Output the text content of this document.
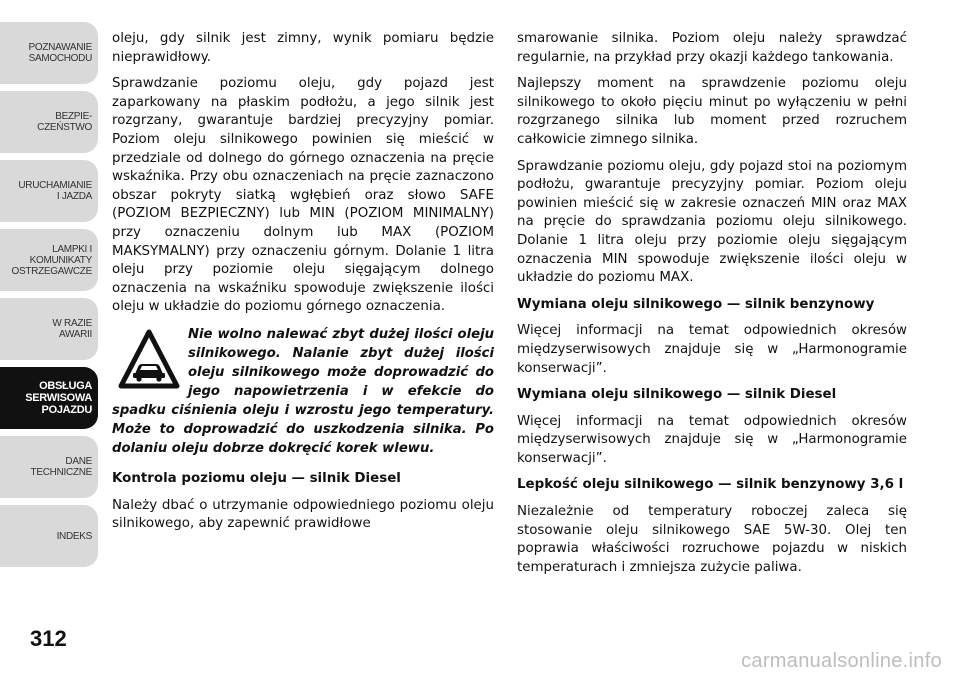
POZNAWANIE
SAMOCHODU
BEZPIE-
CZEŃSTWO
URUCHAMIANIE
I JAZDA
LAMPKI I
KOMUNIKATY
OSTRZEGAWCZE
W RAZIE
AWARII
OBSŁUGA
SERWISOWA
POJAZDU
DANE
TECHNICZNE
INDEKS
312

oleju, gdy silnik jest zimny, wynik pomiaru będzie nieprawidłowy.

Sprawdzanie poziomu oleju, gdy pojazd jest zaparkowany na płaskim podłożu, a jego silnik jest rozgrzany, gwarantuje bardziej precyzyjny pomiar. Poziom oleju silnikowego powinien się mieścić w przedziale od dolnego do górnego oznaczenia na pręcie wskaźnika. Przy obu oznaczeniach na pręcie zaznaczono obszar pokryty siatką wgłębień oraz słowo SAFE (POZIOM BEZPIECZNY) lub MIN (POZIOM MINIMALNY) przy oznaczeniu dolnym lub MAX (POZIOM MAKSYMALNY) przy oznaczeniu górnym. Dolanie 1 litra oleju przy poziomie oleju sięgającym dolnego oznaczenia na wskaźniku spowoduje zwiększenie ilości oleju w układzie do poziomu górnego oznaczenia.

Nie wolno nalewać zbyt dużej ilości oleju silnikowego. Nalanie zbyt dużej ilości oleju silnikowego może doprowadzić do jego napowietrzenia i w efekcie do spadku ciśnienia oleju i wzrostu jego temperatury. Może to doprowadzić do uszkodzenia silnika. Po dolaniu oleju dobrze dokręcić korek wlewu.

Kontrola poziomu oleju — silnik Diesel

Należy dbać o utrzymanie odpowiedniego poziomu oleju silnikowego, aby zapewnić prawidłowe

smarowanie silnika. Poziom oleju należy sprawdzać regularnie, na przykład przy okazji każdego tankowania.

Najlepszy moment na sprawdzenie poziomu oleju silnikowego to około pięciu minut po wyłączeniu w pełni rozgrzanego silnika lub moment przed rozruchem całkowicie zimnego silnika.

Sprawdzanie poziomu oleju, gdy pojazd stoi na poziomym podłożu, gwarantuje precyzyjny pomiar. Poziom oleju powinien mieścić się w zakresie oznaczeń MIN oraz MAX na pręcie do sprawdzania poziomu oleju silnikowego. Dolanie 1 litra oleju przy poziomie oleju sięgającym oznaczenia MIN spowoduje zwiększenie ilości oleju w układzie do poziomu MAX.

Wymiana oleju silnikowego — silnik benzynowy

Więcej informacji na temat odpowiednich okresów międzyserwisowych znajduje się w „Harmonogramie konserwacji”.

Wymiana oleju silnikowego — silnik Diesel

Więcej informacji na temat odpowiednich okresów międzyserwisowych znajduje się w „Harmonogramie konserwacji”.

Lepkość oleju silnikowego — silnik benzynowy 3,6 l

Niezależnie od temperatury roboczej zaleca się stosowanie oleju silnikowego SAE 5W-30. Olej ten poprawia właściwości rozruchowe pojazdu w niskich temperaturach i zmniejsza zużycie paliwa.

carmanualsonline.info
